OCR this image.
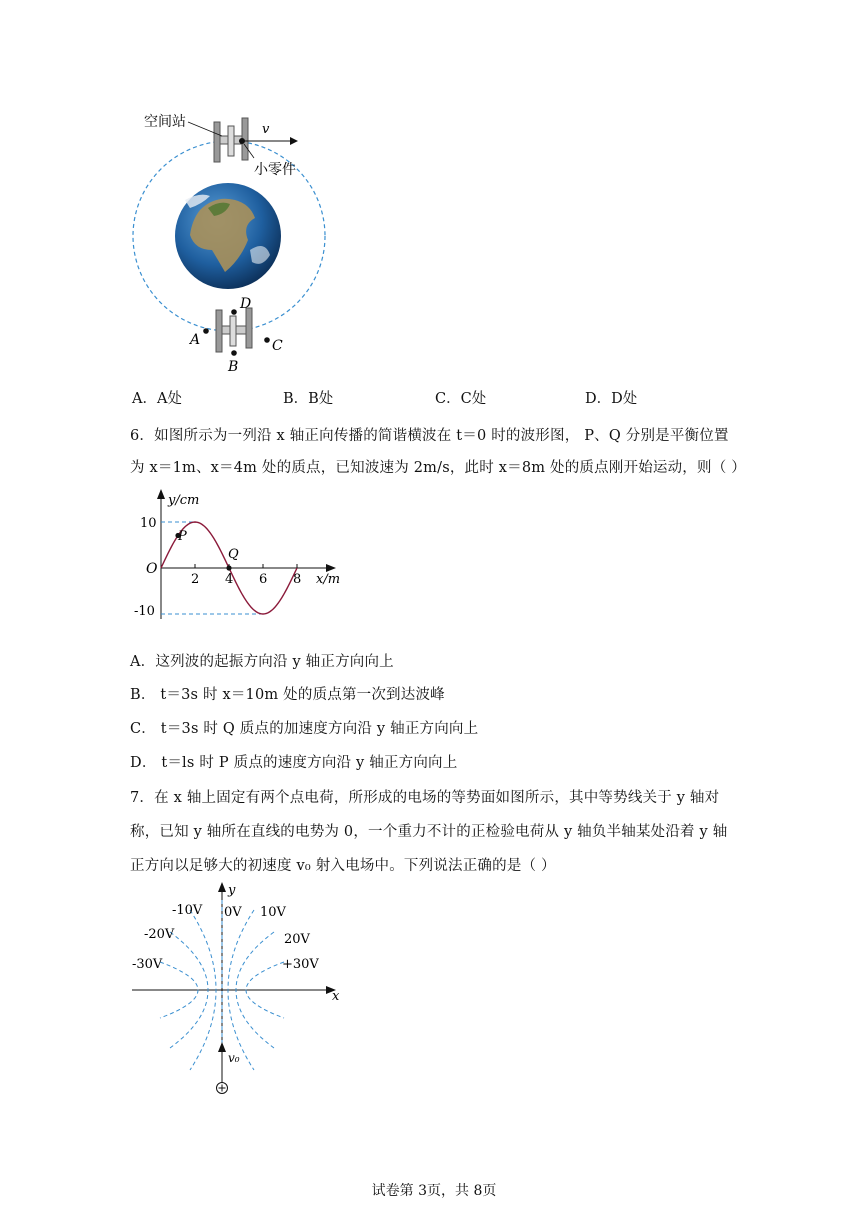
v
空间站
小零件
A
B
C
D
A．A处	B．B处	C．C处	D．D处
6．如图所示为一列沿 x 轴正向传播的简谐横波在 t＝0 时的波形图， P、Q 分别是平衡位置
为 x＝1m、x＝4m 处的质点，已知波速为 2m/s，此时 x＝8m 处的质点刚开始运动，则（ ）
y/cm
x/m
O
10
-10
2 4 6 8
P
Q
A．这列波的起振方向沿 y 轴正方向向上
B． t＝3s 时 x＝10m 处的质点第一次到达波峰
C． t＝3s 时 Q 质点的加速度方向沿 y 轴正方向向上
D． t＝ls 时 P 质点的速度方向沿 y 轴正方向向上
7．在 x 轴上固定有两个点电荷，所形成的电场的等势面如图所示，其中等势线关于 y 轴对
称，已知 y 轴所在直线的电势为 0，一个重力不计的正检验电荷从 y 轴负半轴某处沿着 y 轴
正方向以足够大的初速度 v₀ 射入电场中。下列说法正确的是（ ）
y
x
0V
-10V
-20V
-30V
10V
20V
+30V
v₀
试卷第 3页，共 8页
